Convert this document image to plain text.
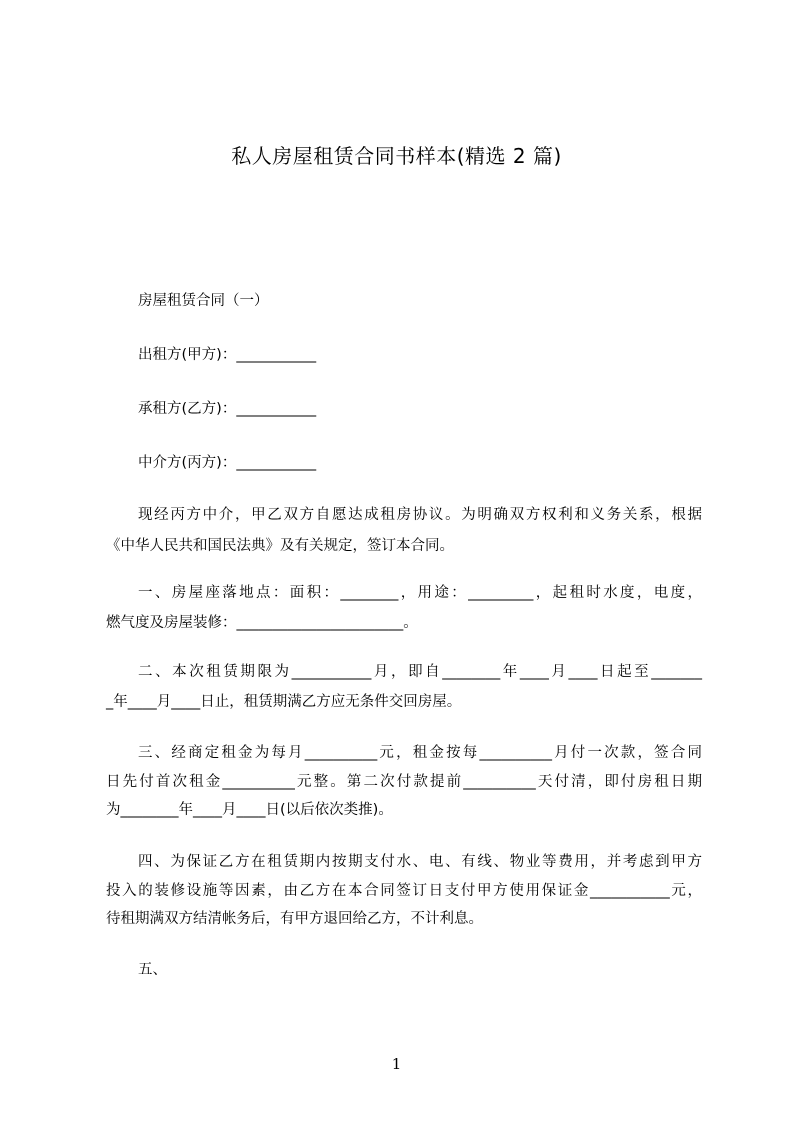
私人房屋租赁合同书样本(精选 2 篇)
房屋租赁合同（一）
出租方(甲方)：___________
承租方(乙方)：___________
中介方(丙方)：___________
现经丙方中介，甲乙双方自愿达成租房协议。为明确双方权利和义务关系，根据
《中华人民共和国民法典》及有关规定，签订本合同。
一、房屋座落地点：面积：________，用途：_________，起租时水度，电度，
燃气度及房屋装修：_______________________。
二、本次租赁期限为___________月，即自________年____月____日起至_______
_年____月____日止，租赁期满乙方应无条件交回房屋。
三、经商定租金为每月__________元，租金按每__________月付一次款，签合同
日先付首次租金__________元整。第二次付款提前__________天付清，即付房租日期
为________年____月____日(以后依次类推)。
四、为保证乙方在租赁期内按期支付水、电、有线、物业等费用，并考虑到甲方
投入的装修设施等因素，由乙方在本合同签订日支付甲方使用保证金___________元，
待租期满双方结清帐务后，有甲方退回给乙方，不计利息。
五、
1
